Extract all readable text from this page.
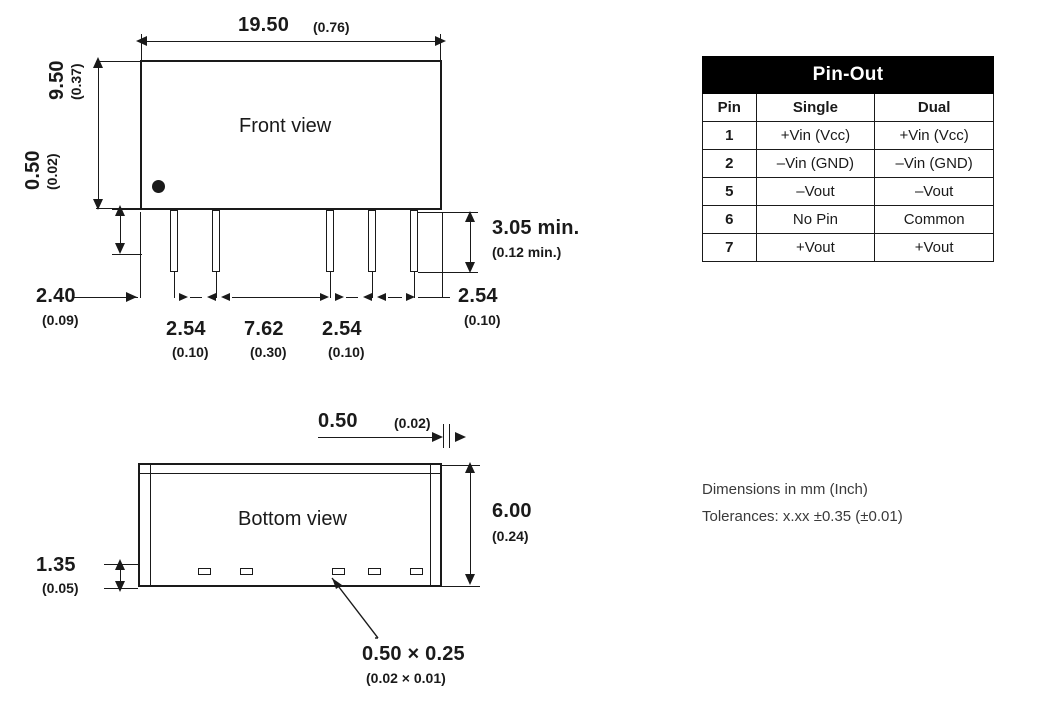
19.50 (0.76)
Front view
9.50 (0.37)
0.50 (0.02)
3.05 min.
(0.12 min.)
2.40
(0.09)	2.54
(0.10)
7.62
(0.30)
2.54
(0.10)
2.54
(0.10)
0.50	(0.02)
Bottom view	6.00
(0.24)
1.35
(0.05)
0.50 × 0.25
(0.02 × 0.01)
Pin-Out		
Pin	Single	Dual
1	+Vin (Vcc)	+Vin (Vcc)
2	–Vin (GND)	–Vin (GND)
5	–Vout	–Vout
6	No Pin	Common
7	+Vout	+Vout
Dimensions in mm (Inch)
Tolerances: x.xx ±0.35 (±0.01)
